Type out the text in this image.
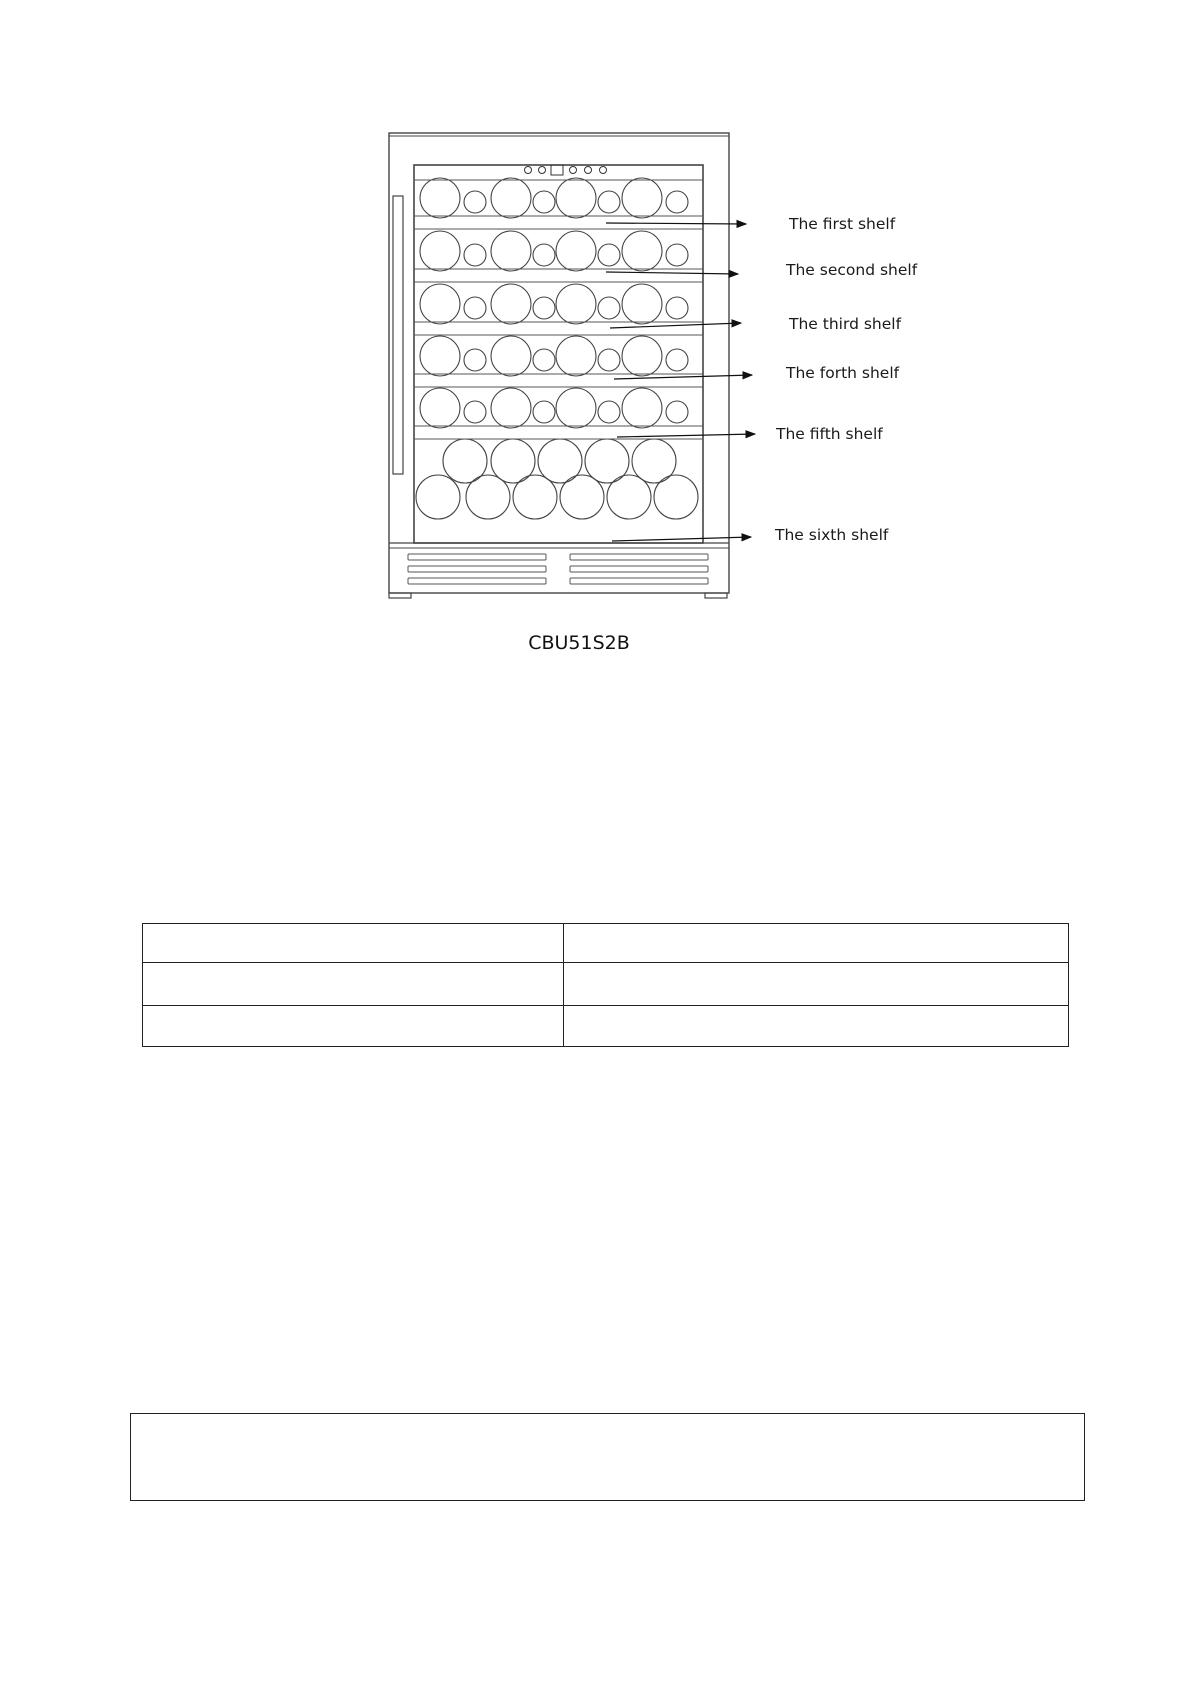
The first shelf
The second shelf
The third shelf
The forth shelf
The fifth shelf
The sixth shelf
CBU51S2B
